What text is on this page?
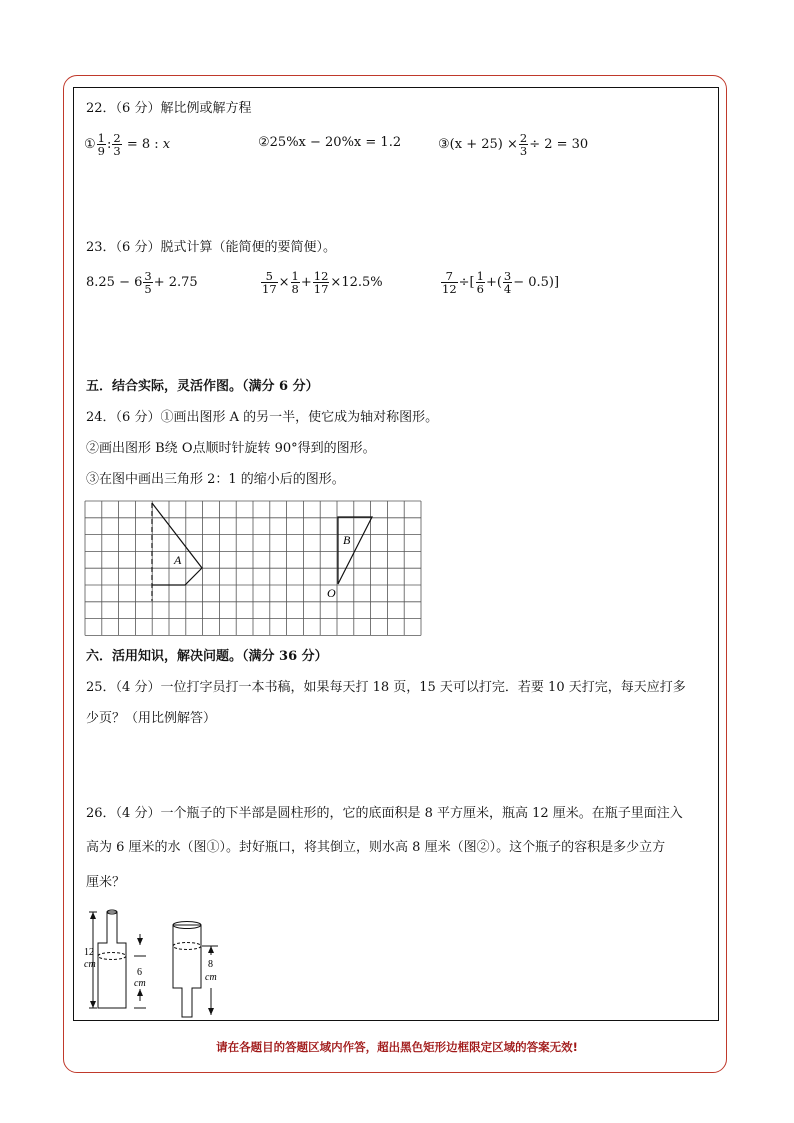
22．（6 分）解比例或解方程
① $\frac{1}{9}$ : $\frac{2}{3} = 8$ : x	②25%x − 20%x = 1.2	③(x + $25) \times \frac{2}{3} \div 2 = 30$
23．（6 分）脱式计算（能简便的要简便）。
$8.25 - 6 \frac{3}{5} + 2.75$	$\frac{5}{17} \times \frac{1}{8} + \frac{12}{17} \times 12.5\%$	$\frac{7}{12}$ ÷[ $\frac{1}{6}$ +( $\frac{3}{4} - 0.5$)]
五．结合实际，灵活作图。（满分 6 分）
24．（6 分）①画出图形 A 的另一半，使它成为轴对称图形。
②画出图形 B绕 O点顺时针旋转 90°得到的图形。
③在图中画出三角形 2：1 的缩小后的图形。
A
B
O
六．活用知识，解决问题。（满分 36 分）
25．（4 分）一位打字员打一本书稿，如果每天打 18 页，15 天可以打完．若要 10 天打完，每天应打多
少页？（用比例解答）
26．（4 分）一个瓶子的下半部是圆柱形的，它的底面积是 8 平方厘米，瓶高 12 厘米。在瓶子里面注入
高为 6 厘米的水（图①）。封好瓶口，将其倒立，则水高 8 厘米（图②）。这个瓶子的容积是多少立方
厘米？
12
cm
6
cm
8
cm
请在各题目的答题区域内作答，超出黑色矩形边框限定区域的答案无效!
